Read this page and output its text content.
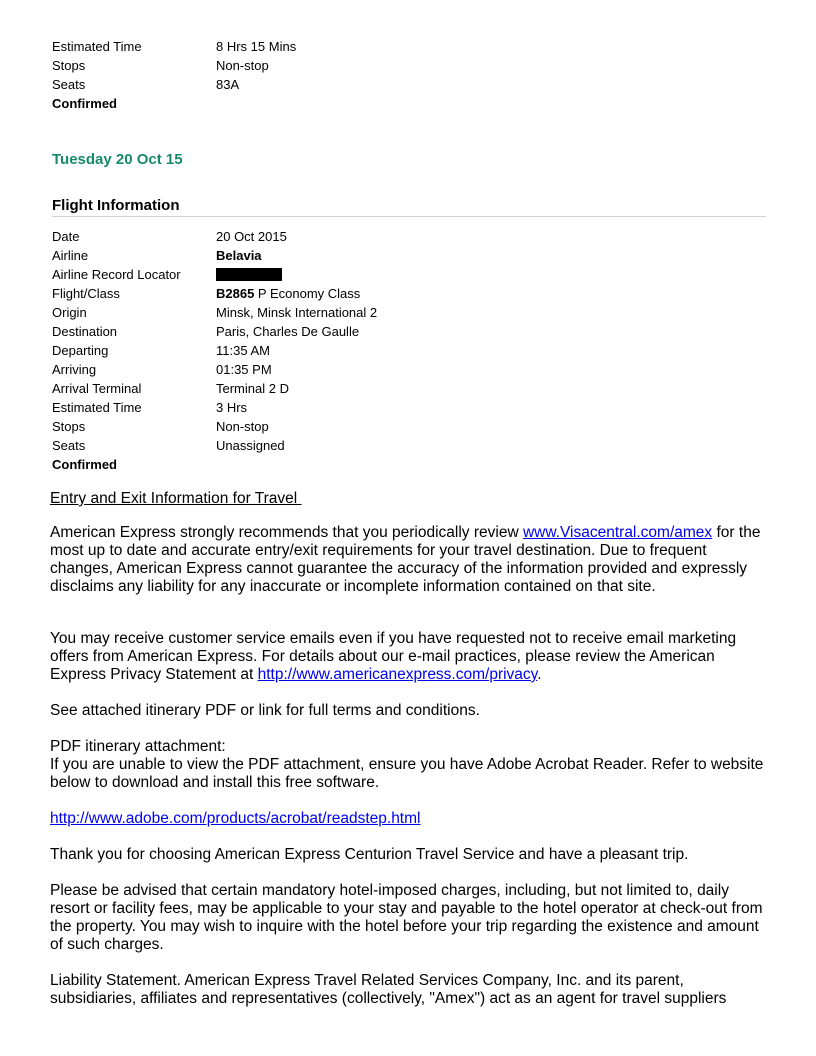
Estimated Time	8 Hrs 15 Mins
Stops	Non-stop
Seats	83A
Confirmed
Tuesday 20 Oct 15
Flight Information
Date	20 Oct 2015
Airline	Belavia
Airline Record Locator
Flight/Class	B2865 P Economy Class
Origin	Minsk, Minsk International 2
Destination	Paris, Charles De Gaulle
Departing	11:35 AM
Arriving	01:35 PM
Arrival Terminal	Terminal 2 D
Estimated Time	3 Hrs
Stops	Non-stop
Seats	Unassigned
Confirmed
Entry and Exit Information for Travel

American Express strongly recommends that you periodically review www.Visacentral.com/amex for the most up to date and accurate entry/exit requirements for your travel destination. Due to frequent changes, American Express cannot guarantee the accuracy of the information provided and expressly disclaims any liability for any inaccurate or incomplete information contained on that site.

You may receive customer service emails even if you have requested not to receive email marketing offers from American Express. For details about our e-mail practices, please review the American Express Privacy Statement at http://www.americanexpress.com/privacy.

See attached itinerary PDF or link for full terms and conditions.

PDF itinerary attachment:

If you are unable to view the PDF attachment, ensure you have Adobe Acrobat Reader. Refer to website below to download and install this free software.

http://www.adobe.com/products/acrobat/readstep.html

Thank you for choosing American Express Centurion Travel Service and have a pleasant trip.

Please be advised that certain mandatory hotel-imposed charges, including, but not limited to, daily resort or facility fees, may be applicable to your stay and payable to the hotel operator at check-out from the property. You may wish to inquire with the hotel before your trip regarding the existence and amount of such charges.

Liability Statement. American Express Travel Related Services Company, Inc. and its parent, subsidiaries, affiliates and representatives (collectively, "Amex") act as an agent for travel suppliers
